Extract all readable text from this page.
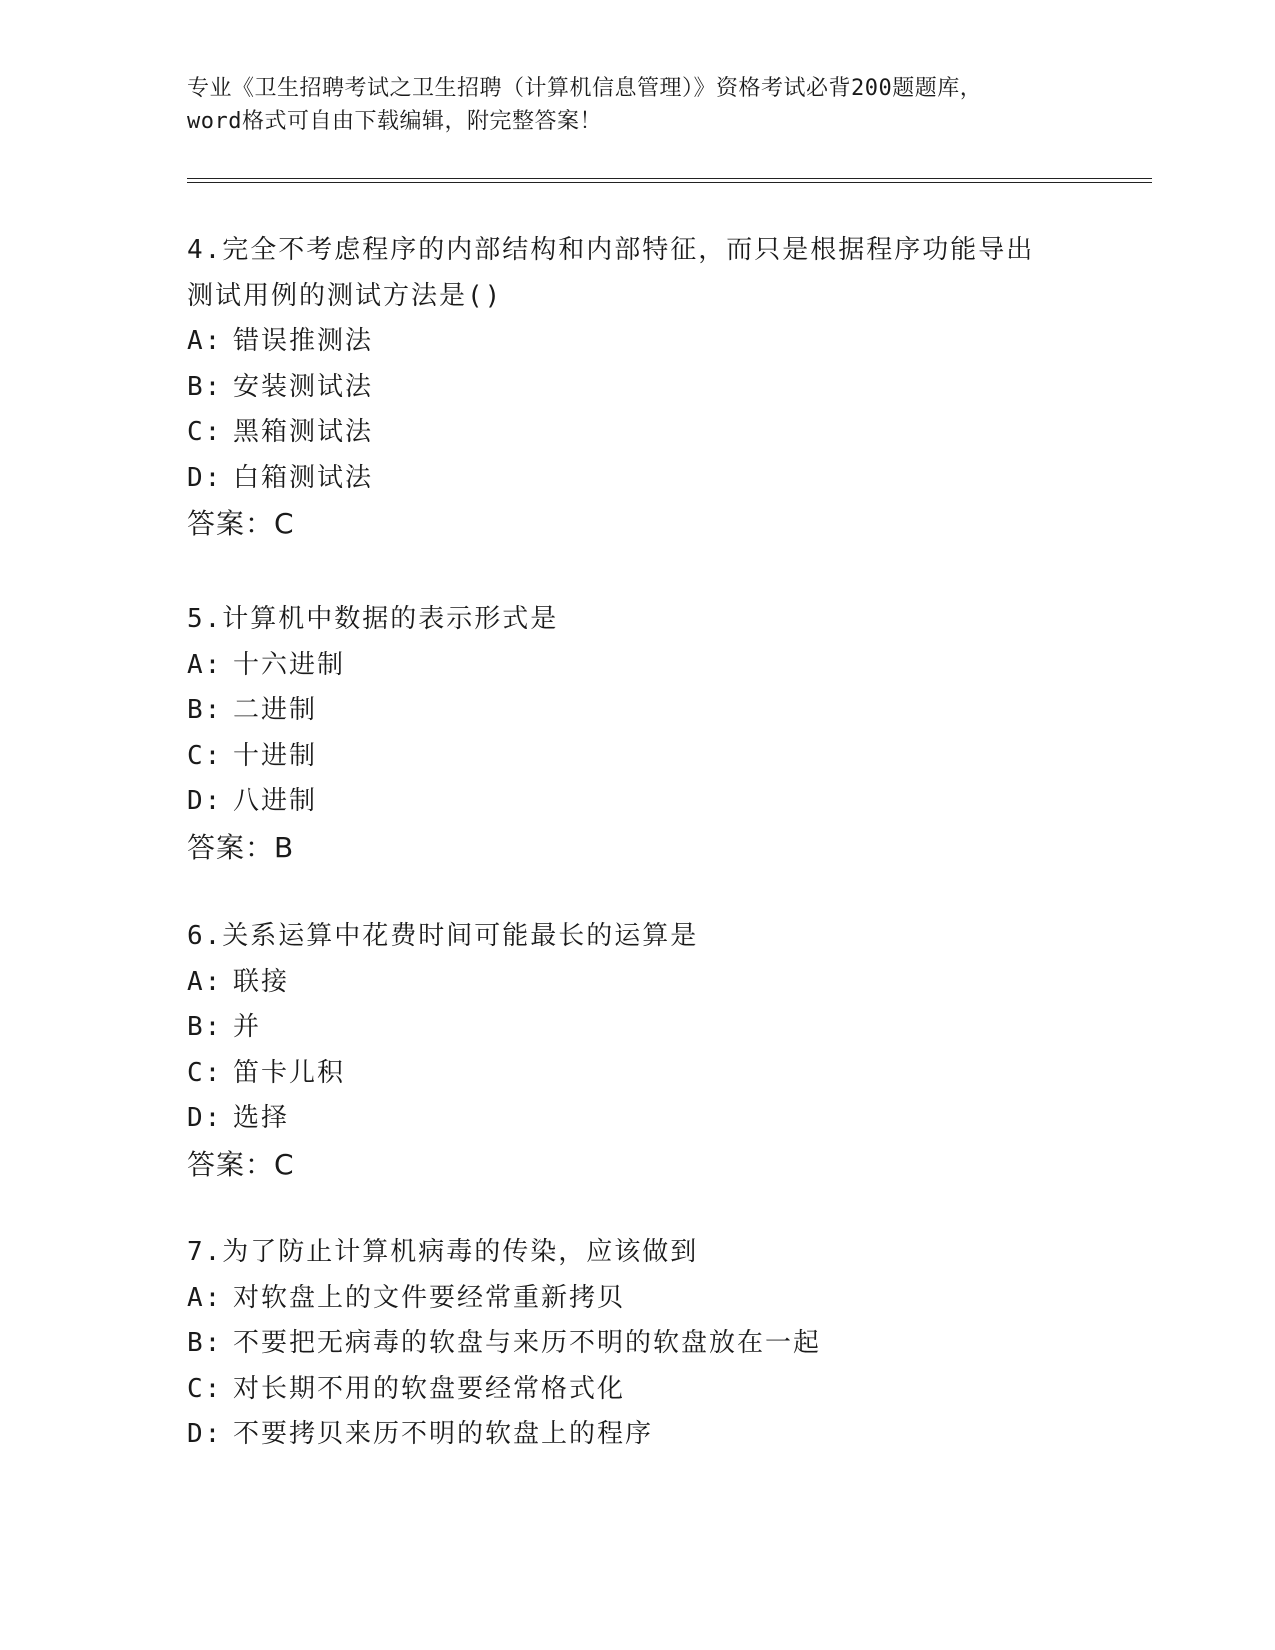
专业《卫生招聘考试之卫生招聘（计算机信息管理）》资格考试必背200题题库，
word格式可自由下载编辑，附完整答案！
4.完全不考虑程序的内部结构和内部特征，而只是根据程序功能导出
测试用例的测试方法是()
A: 错误推测法
B: 安装测试法
C: 黑箱测试法
D: 白箱测试法
答案：C
5.计算机中数据的表示形式是
A: 十六进制
B: 二进制
C: 十进制
D: 八进制
答案：B
6.关系运算中花费时间可能最长的运算是
A: 联接
B: 并
C: 笛卡儿积
D: 选择
答案：C
7.为了防止计算机病毒的传染，应该做到
A: 对软盘上的文件要经常重新拷贝
B: 不要把无病毒的软盘与来历不明的软盘放在一起
C: 对长期不用的软盘要经常格式化
D: 不要拷贝来历不明的软盘上的程序
